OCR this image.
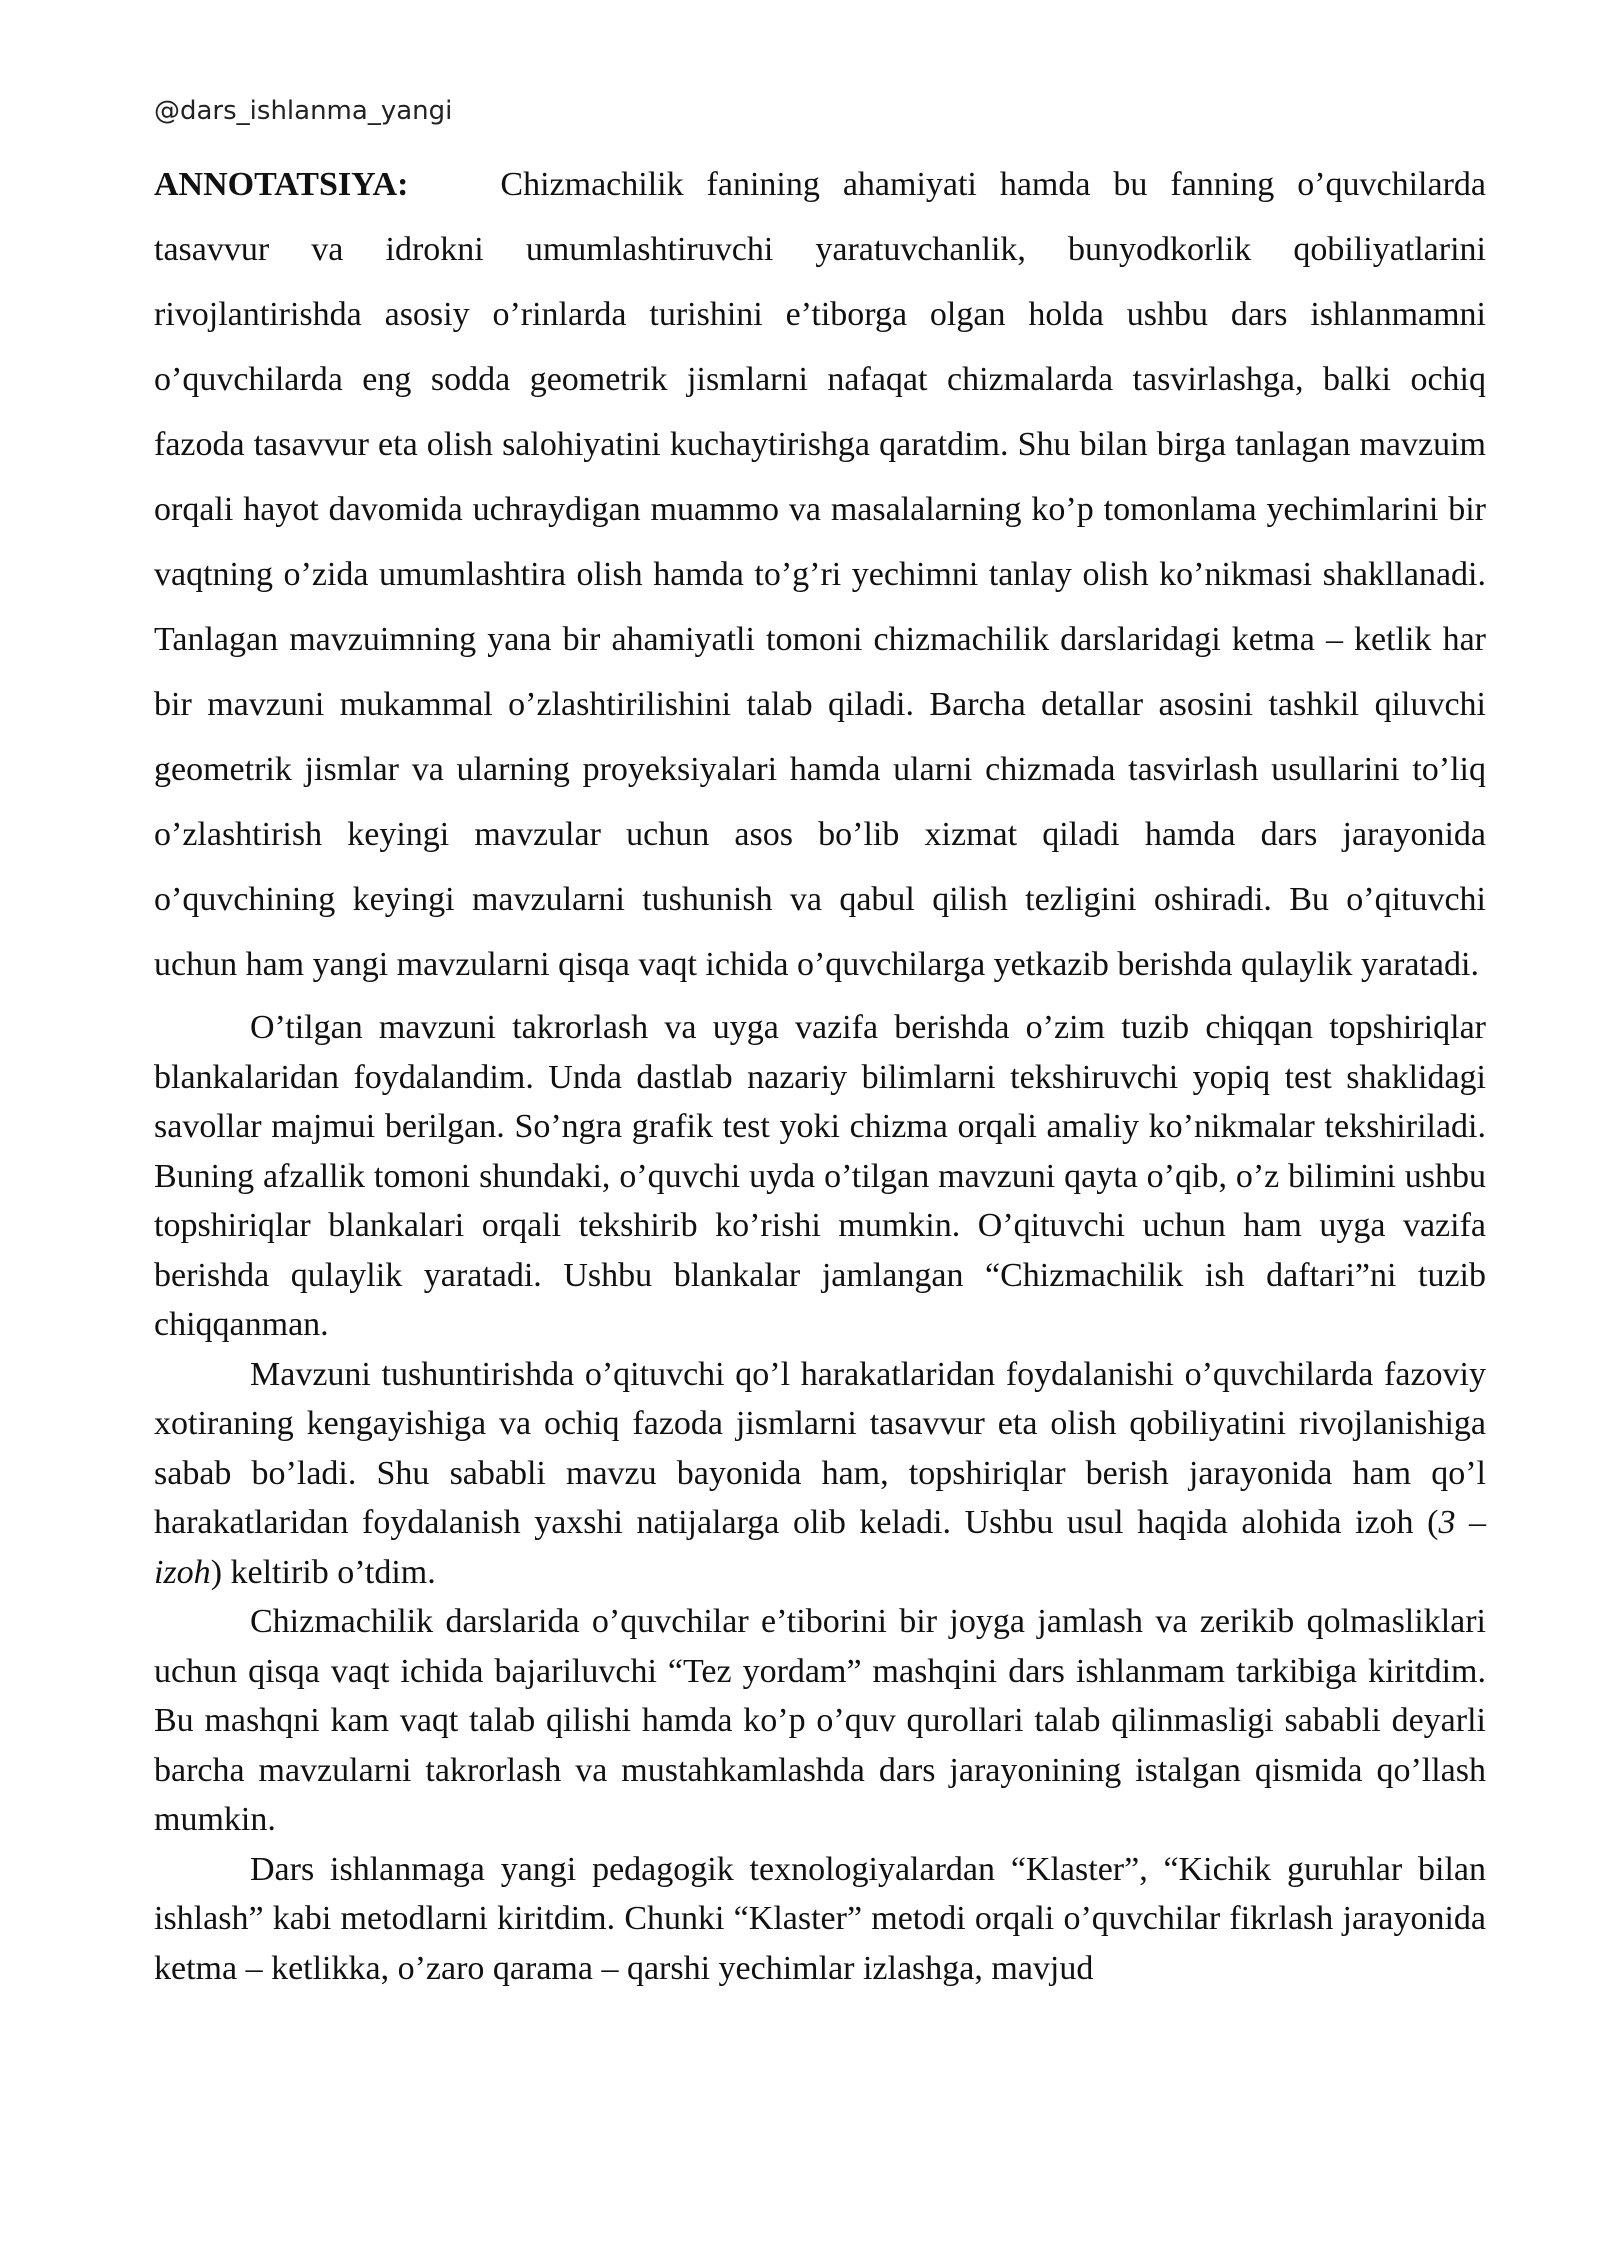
@dars_ishlanma_yangi

ANNOTATSIYA:	Chizmachilik fanining ahamiyati hamda bu fanning o’quvchilarda tasavvur va idrokni umumlashtiruvchi yaratuvchanlik, bunyodkorlik qobiliyatlarini rivojlantirishda asosiy o’rinlarda turishini e’tiborga olgan holda ushbu dars ishlanmamni o’quvchilarda eng sodda geometrik jismlarni nafaqat chizmalarda tasvirlashga, balki ochiq fazoda tasavvur eta olish salohiyatini kuchaytirishga qaratdim. Shu bilan birga tanlagan mavzuim orqali hayot davomida uchraydigan muammo va masalalarning ko’p tomonlama yechimlarini bir vaqtning o’zida umumlashtira olish hamda to’g’ri yechimni tanlay olish ko’nikmasi shakllanadi. Tanlagan mavzuimning yana bir ahamiyatli tomoni chizmachilik darslaridagi ketma – ketlik har bir mavzuni mukammal o’zlashtirilishini talab qiladi. Barcha detallar asosini tashkil qiluvchi geometrik jismlar va ularning proyeksiyalari hamda ularni chizmada tasvirlash usullarini to’liq o’zlashtirish keyingi mavzular uchun asos bo’lib xizmat qiladi hamda dars jarayonida o’quvchining keyingi mavzularni tushunish va qabul qilish tezligini oshiradi. Bu o’qituvchi uchun ham yangi mavzularni qisqa vaqt ichida o’quvchilarga yetkazib berishda qulaylik yaratadi.

O’tilgan mavzuni takrorlash va uyga vazifa berishda o’zim tuzib chiqqan topshiriqlar blankalaridan foydalandim. Unda dastlab nazariy bilimlarni tekshiruvchi yopiq test shaklidagi savollar majmui berilgan. So’ngra grafik test yoki chizma orqali amaliy ko’nikmalar tekshiriladi. Buning afzallik tomoni shundaki, o’quvchi uyda o’tilgan mavzuni qayta o’qib, o’z bilimini ushbu topshiriqlar blankalari orqali tekshirib ko’rishi mumkin. O’qituvchi uchun ham uyga vazifa berishda qulaylik yaratadi. Ushbu blankalar jamlangan “Chizmachilik ish daftari”ni tuzib chiqqanman.

Mavzuni tushuntirishda o’qituvchi qo’l harakatlaridan foydalanishi o’quvchilarda fazoviy xotiraning kengayishiga va ochiq fazoda jismlarni tasavvur eta olish qobiliyatini rivojlanishiga sabab bo’ladi. Shu sababli mavzu bayonida ham, topshiriqlar berish jarayonida ham qo’l harakatlaridan foydalanish yaxshi natijalarga olib keladi. Ushbu usul haqida alohida izoh (3 – izoh) keltirib o’tdim.

Chizmachilik darslarida o’quvchilar e’tiborini bir joyga jamlash va zerikib qolmasliklari uchun qisqa vaqt ichida bajariluvchi “Tez yordam” mashqini dars ishlanmam tarkibiga kiritdim. Bu mashqni kam vaqt talab qilishi hamda ko’p o’quv qurollari talab qilinmasligi sababli deyarli barcha mavzularni takrorlash va mustahkamlashda dars jarayonining istalgan qismida qo’llash mumkin.

Dars ishlanmaga yangi pedagogik texnologiyalardan “Klaster”, “Kichik guruhlar bilan ishlash” kabi metodlarni kiritdim. Chunki “Klaster” metodi orqali o’quvchilar fikrlash jarayonida ketma – ketlikka, o’zaro qarama – qarshi yechimlar izlashga, mavjud
